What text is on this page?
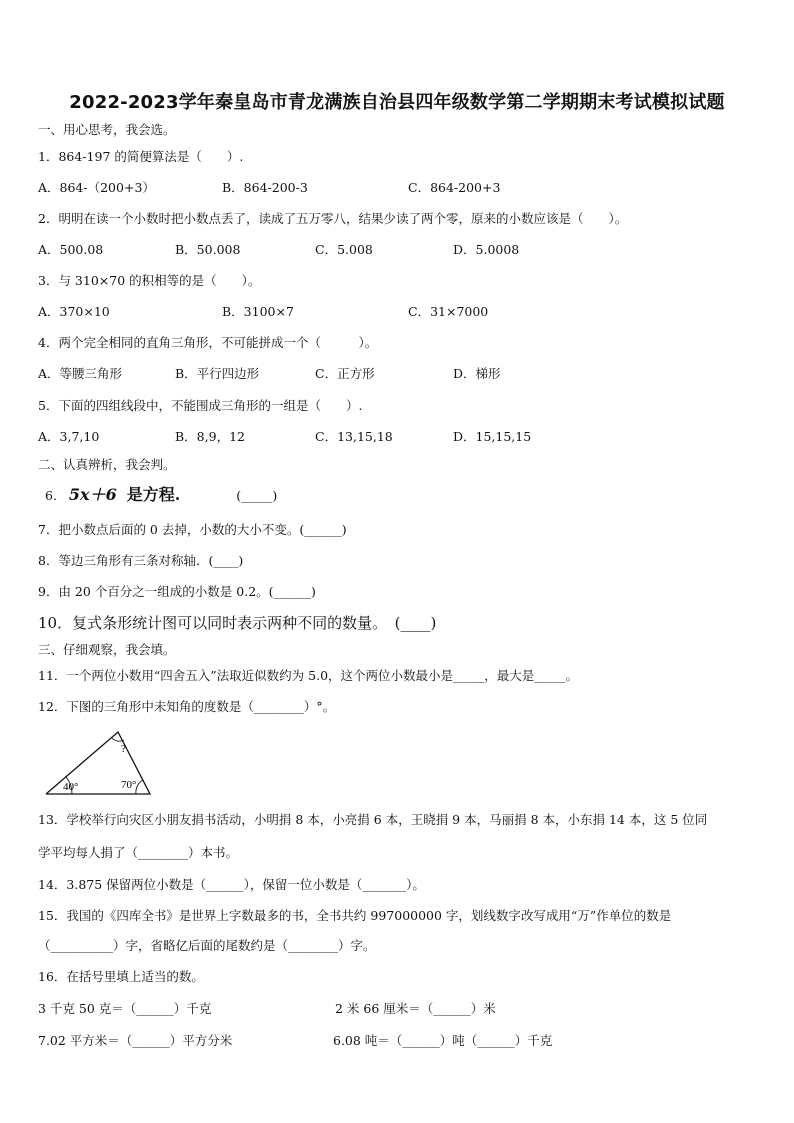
2022-2023学年秦皇岛市青龙满族自治县四年级数学第二学期期末考试模拟试题
一、用心思考，我会选。
1．864-197 的简便算法是（　　）.
A．864-（200+3）	B．864-200-3	C．864-200+3
2．明明在读一个小数时把小数点丢了，读成了五万零八，结果少读了两个零，原来的小数应该是（　　）。
A．500.08	B．50.008	C．5.008	D．5.0008
3．与 310×70 的积相等的是（　　）。
A．370×10	B．3100×7	C．31×7000
4．两个完全相同的直角三角形，不可能拼成一个（　　　）。
A．等腰三角形	B．平行四边形	C．正方形	D．梯形
5．下面的四组线段中，不能围成三角形的一组是（　　）.
A．3,7,10	B．8,9，12	C．13,15,18	D．15,15,15
二、认真辨析，我会判。
6. 5x＋6 是方程.	(_____)
7．把小数点后面的 0 去掉，小数的大小不变。(______)
8．等边三角形有三条对称轴．(____)
9．由 20 个百分之一组成的小数是 0.2。(______)
10．复式条形统计图可以同时表示两种不同的数量。　(____)
三、仔细观察，我会填。
11．一个两位小数用“四舍五入”法取近似数约为 5.0，这个两位小数最小是_____，最大是_____。
12．下图的三角形中未知角的度数是（________）°。
40°	70°
?
13．学校举行向灾区小朋友捐书活动，小明捐 8 本，小亮捐 6 本，王晓捐 9 本，马丽捐 8 本，小东捐 14 本，这 5 位同
学平均每人捐了（________）本书。
14．3.875 保留两位小数是（______），保留一位小数是（_______）。
15．我国的《四库全书》是世界上字数最多的书，全书共约 997000000 字，划线数字改写成用“万”作单位的数是
（__________）字，省略亿后面的尾数约是（________）字。
16．在括号里填上适当的数。
3 千克 50 克＝（______）千克	2 米 66 厘米＝（______）米
7.02 平方米＝（______）平方分米	6.08 吨＝（______）吨（______）千克
